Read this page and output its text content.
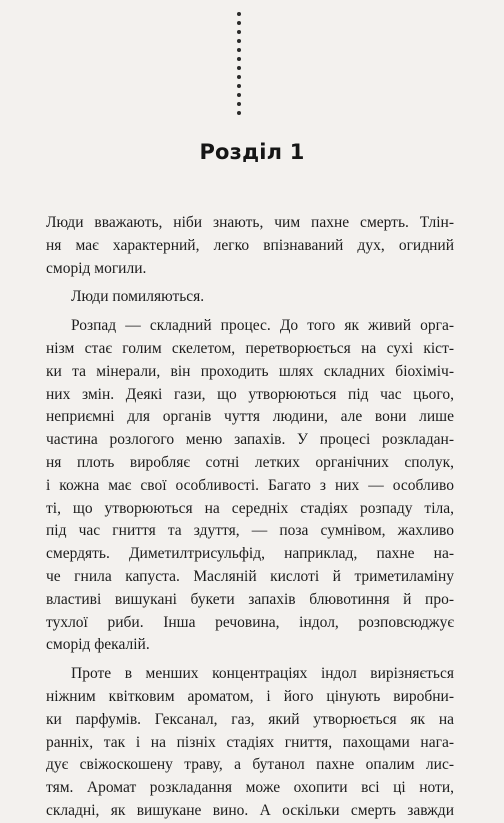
Розділ 1
Люди вважають, ніби знають, чим пахне смерть. Тлін-
ня має характерний, легко впізнаваний дух, огидний
сморід могили.
Люди помиляються.
Розпад — складний процес. До того як живий орга-
нізм стає голим скелетом, перетворюється на сухі кіст-
ки та мінерали, він проходить шлях складних біохіміч-
них змін. Деякі гази, що утворюються під час цього,
неприємні для органів чуття людини, але вони лише
частина розлогого меню запахів. У процесі розкладан-
ня плоть виробляє сотні летких органічних сполук,
і кожна має свої особливості. Багато з них — особливо
ті, що утворюються на середніх стадіях розпаду тіла,
під час гниття та здуття, — поза сумнівом, жахливо
смердять. Диметилтрисульфід, наприклад, пахне на-
че гнила капуста. Масляній кислоті й триметиламіну
властиві вишукані букети запахів блювотиння й про-
тухлої риби. Інша речовина, індол, розповсюджує
сморід фекалій.
Проте в менших концентраціях індол вирізняється
ніжним квітковим ароматом, і його цінують виробни-
ки парфумів. Гексанал, газ, який утворюється як на
ранніх, так і на пізніх стадіях гниття, пахощами нага-
дує свіжоскошену траву, а бутанол пахне опалим лис-
тям. Аромат розкладання може охопити всі ці ноти,
складні, як вишукане вино. А оскільки смерть завжди
